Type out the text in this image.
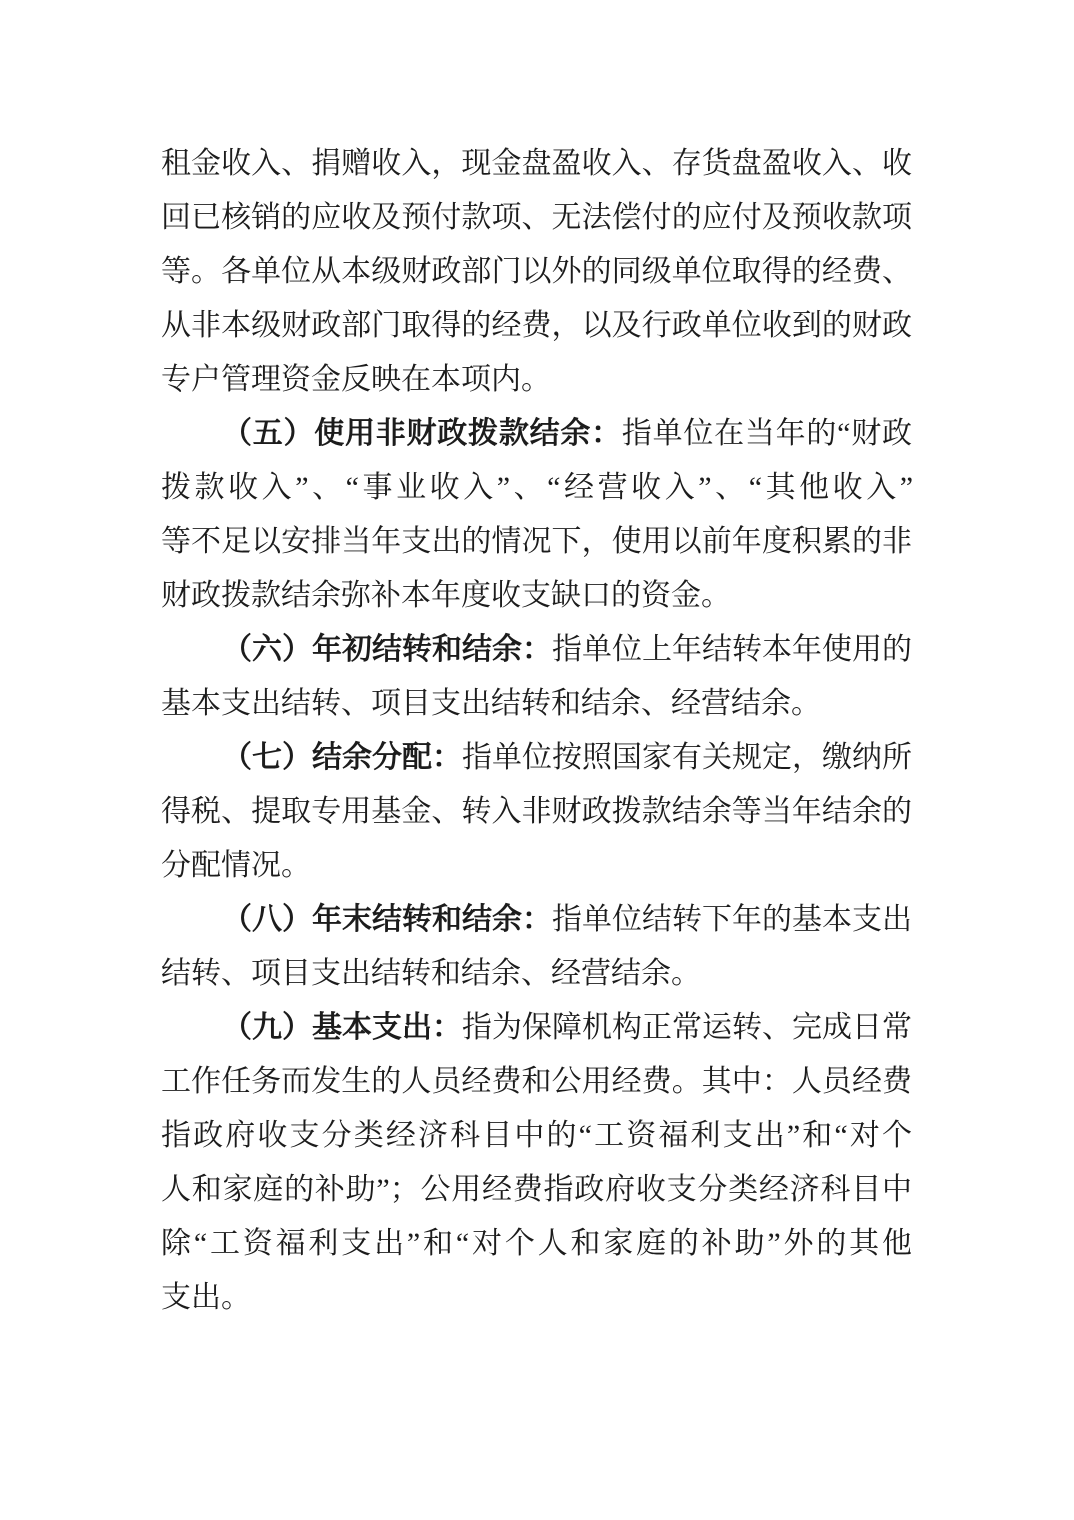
租金收入、捐赠收入，现金盘盈收入、存货盘盈收入、收
回已核销的应收及预付款项、无法偿付的应付及预收款项
等。各单位从本级财政部门以外的同级单位取得的经费、
从非本级财政部门取得的经费，以及行政单位收到的财政
专户管理资金反映在本项内。
（五）使用非财政拨款结余：指单位在当年的“财政
拨款收入”、“事业收入”、“经营收入”、“其他收入”
等不足以安排当年支出的情况下，使用以前年度积累的非
财政拨款结余弥补本年度收支缺口的资金。
（六）年初结转和结余：指单位上年结转本年使用的
基本支出结转、项目支出结转和结余、经营结余。
（七）结余分配：指单位按照国家有关规定，缴纳所
得税、提取专用基金、转入非财政拨款结余等当年结余的
分配情况。
（八）年末结转和结余：指单位结转下年的基本支出
结转、项目支出结转和结余、经营结余。
（九）基本支出：指为保障机构正常运转、完成日常
工作任务而发生的人员经费和公用经费。其中：人员经费
指政府收支分类经济科目中的“工资福利支出”和“对个
人和家庭的补助”；公用经费指政府收支分类经济科目中
除“工资福利支出”和“对个人和家庭的补助”外的其他
支出。
